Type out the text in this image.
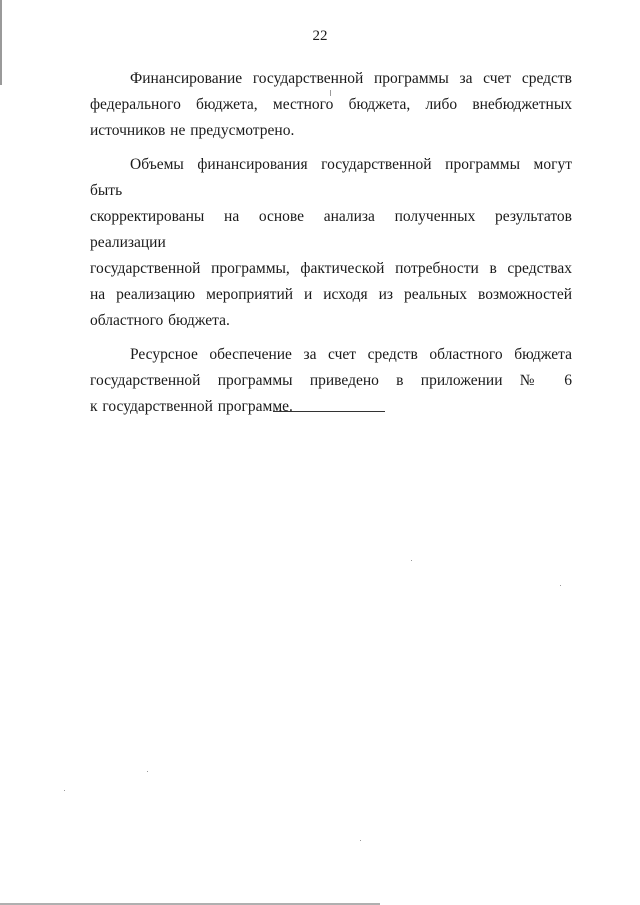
22

Финансирование государственной программы за счет средств
федерального бюджета, местного бюджета, либо внебюджетных
источников не предусмотрено.

Объемы финансирования государственной программы могут быть
скорректированы на основе анализа полученных результатов реализации
государственной программы, фактической потребности в средствах
на реализацию мероприятий и исходя из реальных возможностей
областного бюджета.

Ресурсное обеспечение за счет средств областного бюджета
государственной программы приведено в приложении № 6
к государственной программе.
